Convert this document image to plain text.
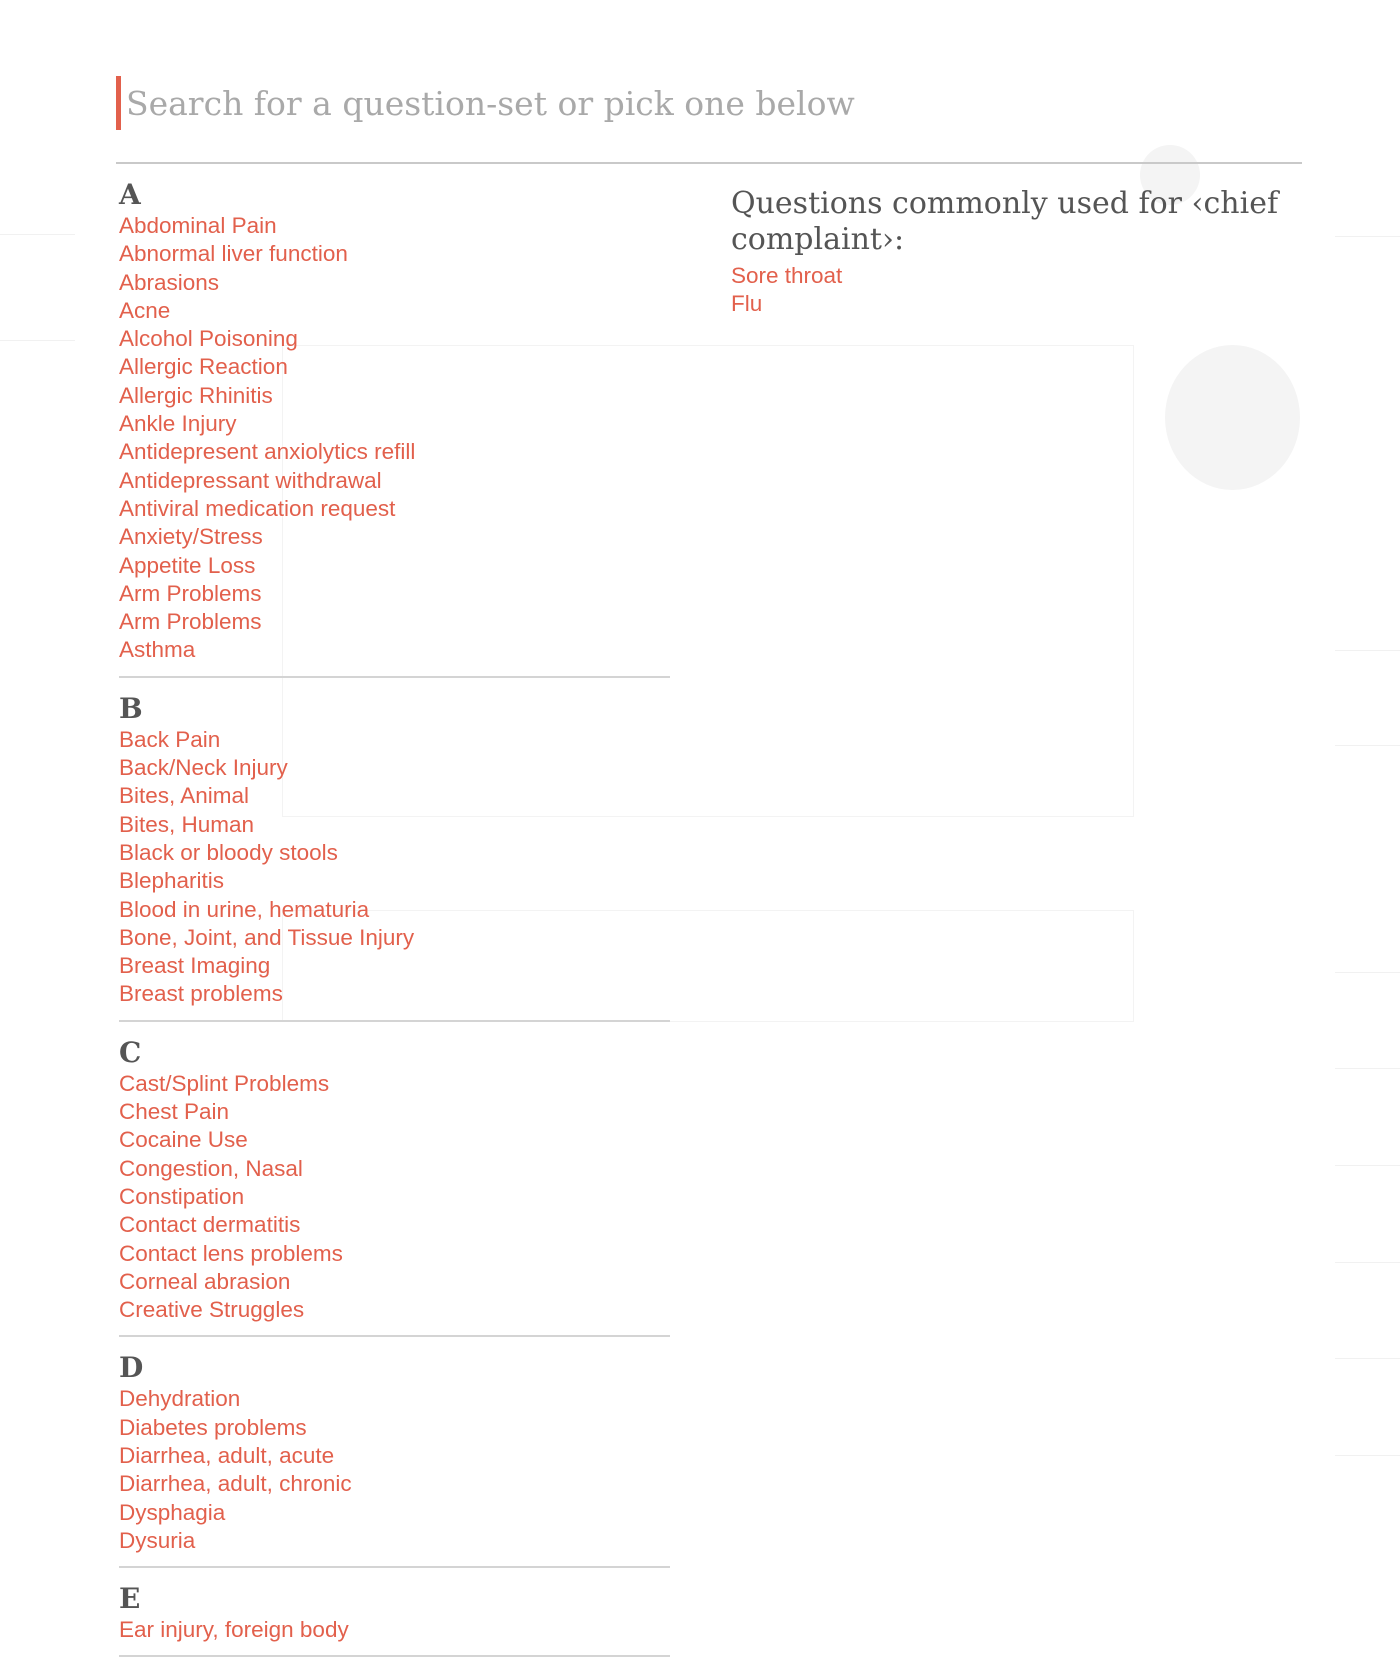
Search for a question-set or pick one below
A
Abdominal Pain
Abnormal liver function
Abrasions
Acne
Alcohol Poisoning
Allergic Reaction
Allergic Rhinitis
Ankle Injury
Antidepresent anxiolytics refill
Antidepressant withdrawal
Antiviral medication request
Anxiety/Stress
Appetite Loss
Arm Problems
Arm Problems
Asthma
B
Back Pain
Back/Neck Injury
Bites, Animal
Bites, Human
Black or bloody stools
Blepharitis
Blood in urine, hematuria
Bone, Joint, and Tissue Injury
Breast Imaging
Breast problems
C
Cast/Splint Problems
Chest Pain
Cocaine Use
Congestion, Nasal
Constipation
Contact dermatitis
Contact lens problems
Corneal abrasion
Creative Struggles
D
Dehydration
Diabetes problems
Diarrhea, adult, acute
Diarrhea, adult, chronic
Dysphagia
Dysuria
E
Ear injury, foreign body
Questions commonly used for ‹chief complaint›:
Sore throat
Flu
